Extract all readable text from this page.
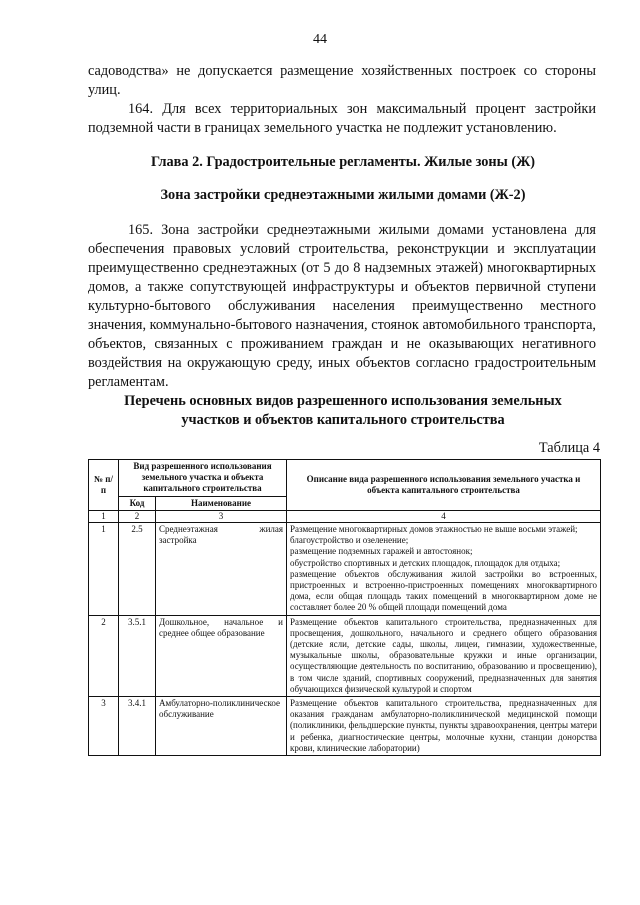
44

садоводства» не допускается размещение хозяйственных построек со стороны улиц.

164. Для всех территориальных зон максимальный процент застройки подземной части в границах земельного участка не подлежит установлению.

Глава 2. Градостроительные регламенты. Жилые зоны (Ж)

Зона застройки среднеэтажными жилыми домами (Ж-2)

165. Зона застройки среднеэтажными жилыми домами установлена для обеспечения правовых условий строительства, реконструкции и эксплуатации преимущественно среднеэтажных (от 5 до 8 надземных этажей) многоквартирных домов, а также сопутствующей инфраструктуры и объектов первичной ступени культурно-бытового обслуживания населения преимущественно местного значения, коммунально-бытового назначения, стоянок автомобильного транспорта, объектов, связанных с проживанием граждан и не оказывающих негативного воздействия на окружающую среду, иных объектов согласно градостроительным регламентам.

Перечень основных видов разрешенного использования земельных
участков и объектов капитального строительства
Таблица 4
№ п/п	Вид разрешенного использования земельного участка и объекта капитального строительства		Описание вида разрешенного использования земельного участка и объекта капитального строительства
	Код	Наименование	
1	2	3	4
1	2.5	Среднеэтажная жилая застройка	Размещение многоквартирных домов этажностью не выше восьми этажей;
благоустройство и озеленение;
размещение подземных гаражей и автостоянок;
обустройство спортивных и детских площадок, площадок для отдыха;
размещение объектов обслуживания жилой застройки во встроенных, пристроенных и встроенно-пристроенных помещениях многоквартирного дома, если общая площадь таких помещений в многоквартирном доме не составляет более 20 % общей площади помещений дома

2	3.5.1	Дошкольное, начальное и среднее общее образование	Размещение объектов капитального строительства, предназначенных для просвещения, дошкольного, начального и среднего общего образования (детские ясли, детские сады, школы, лицеи, гимназии, художественные, музыкальные школы, образовательные кружки и иные организации, осуществляющие деятельность по воспитанию, образованию и просвещению), в том числе зданий, спортивных сооружений, предназначенных для занятия обучающихся физической культурой и спортом

3	3.4.1	Амбулаторно-поликлиническое обслуживание	Размещение объектов капитального строительства, предназначенных для оказания гражданам амбулаторно-поликлинической медицинской помощи (поликлиники, фельдшерские пункты, пункты здравоохранения, центры матери и ребенка, диагностические центры, молочные кухни, станции донорства крови, клинические лаборатории)
